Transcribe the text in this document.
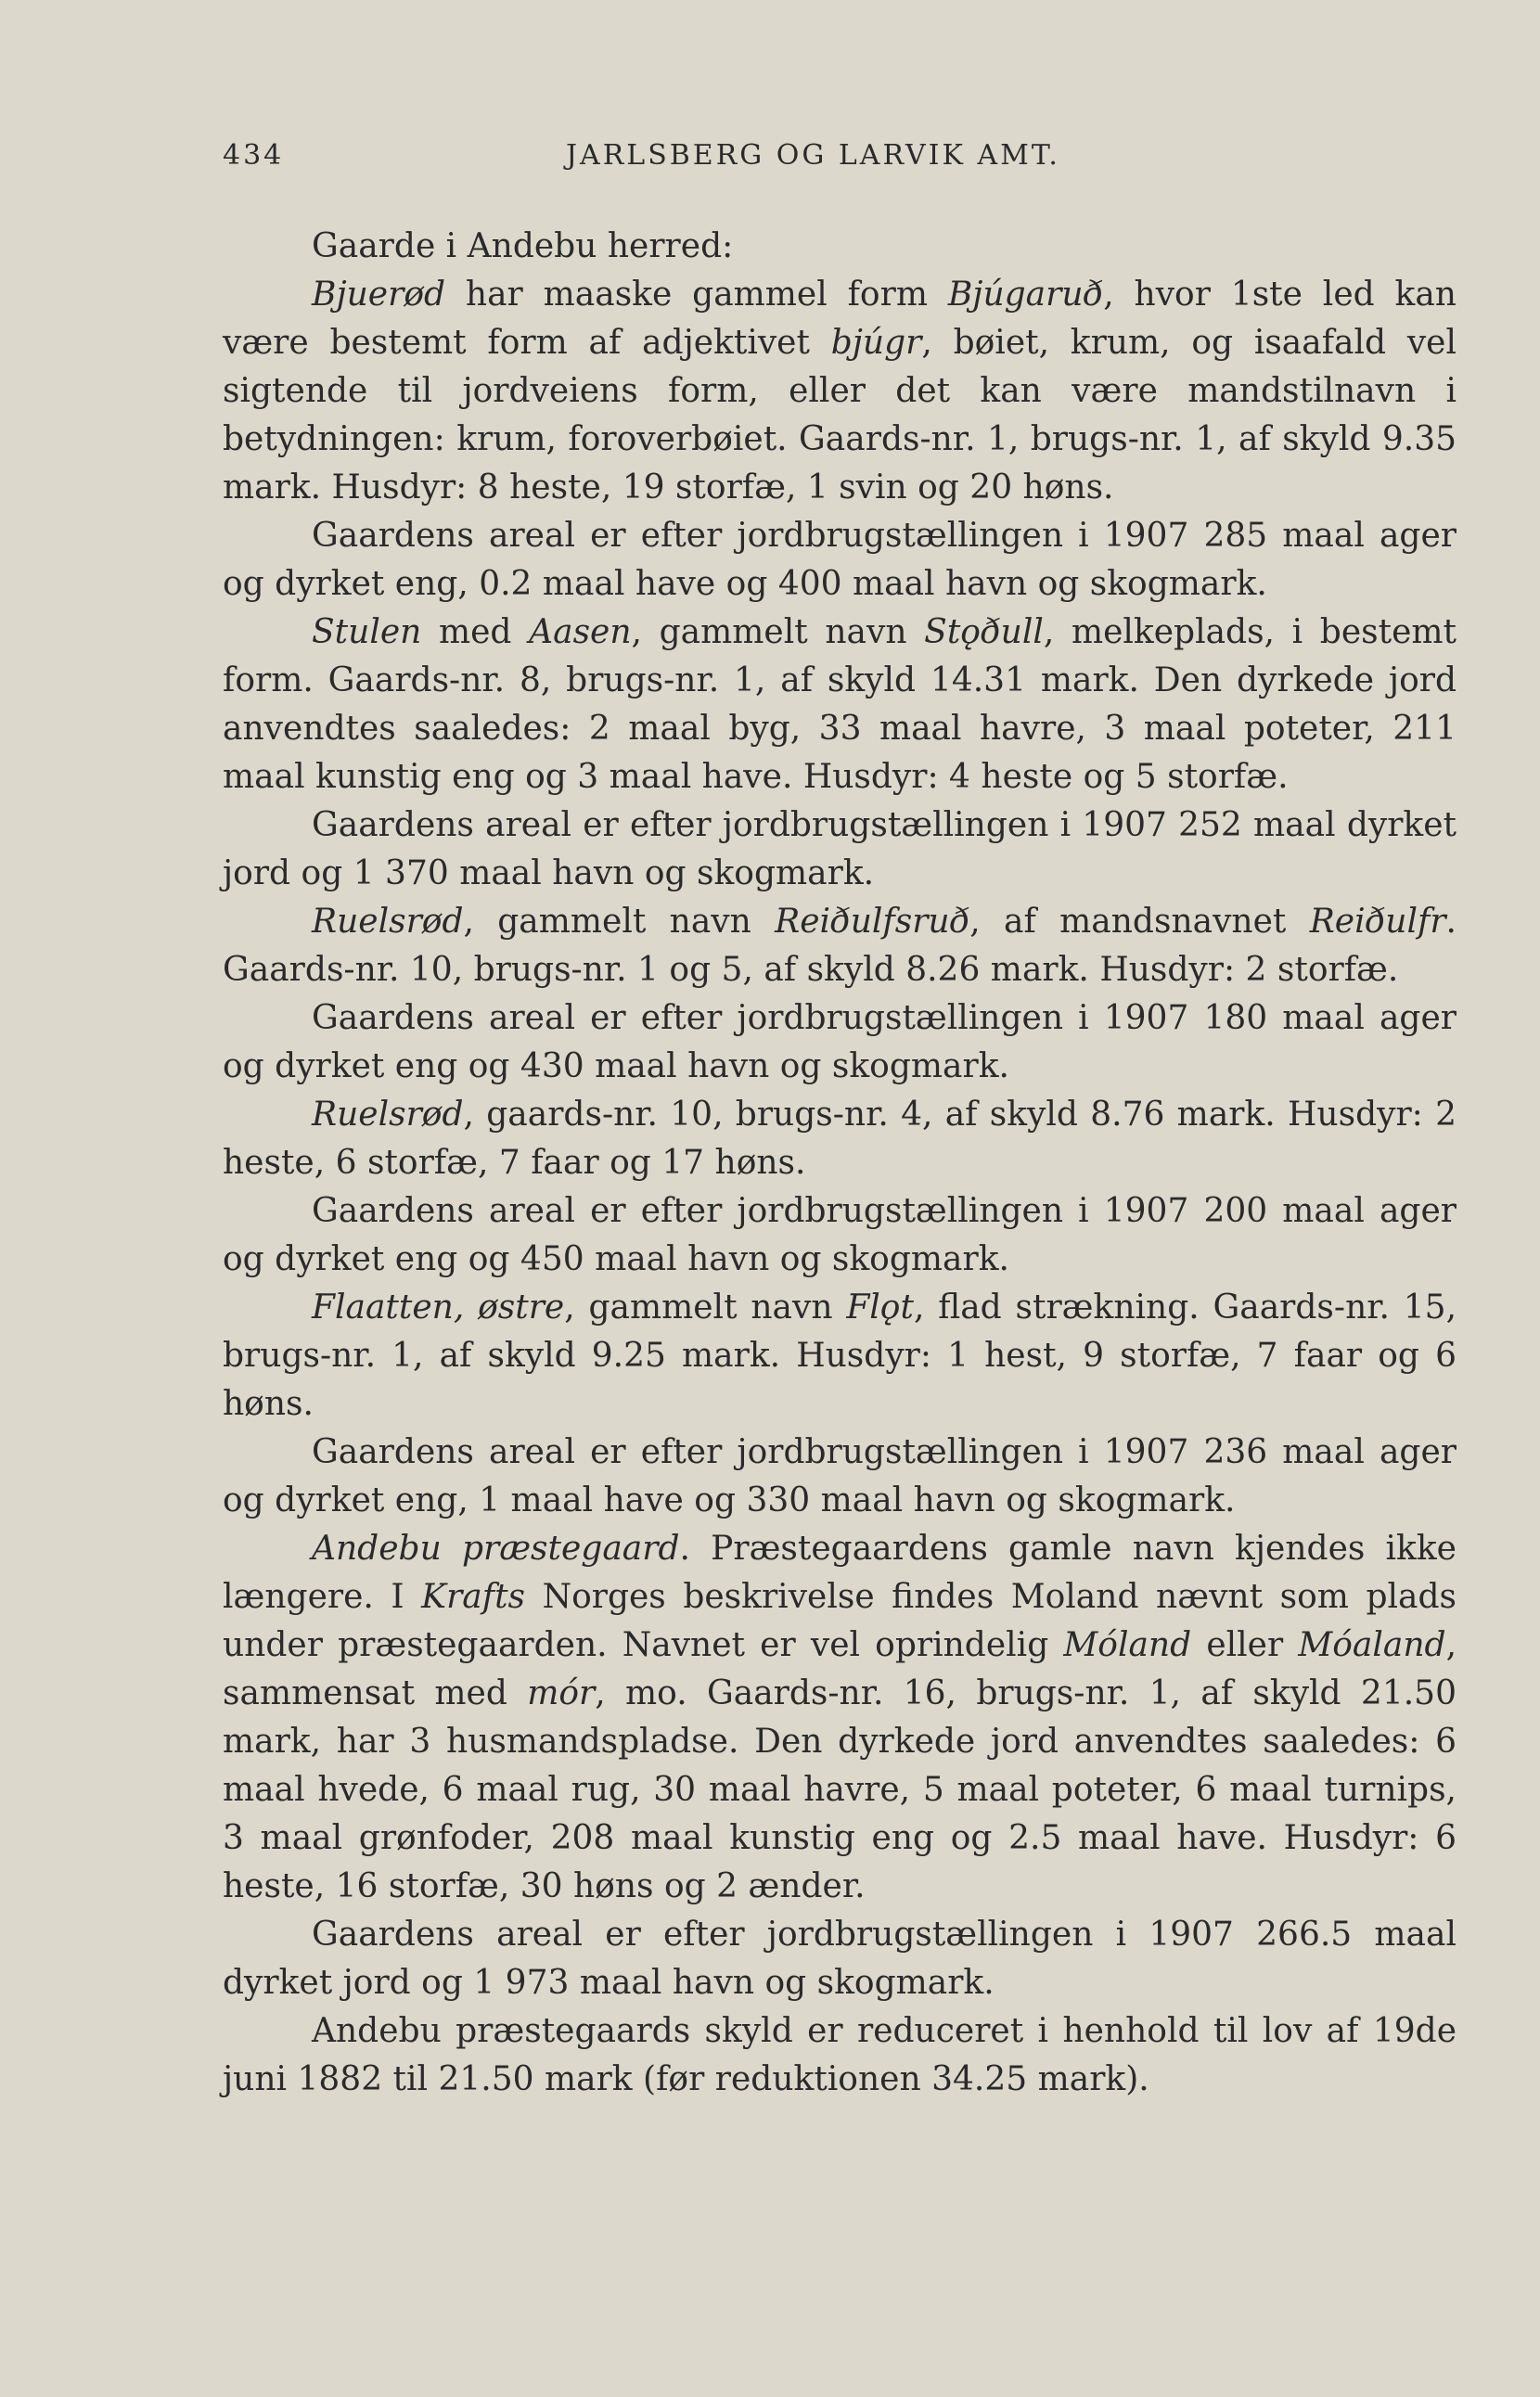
434	JARLSBERG OG LARVIK AMT.

Gaarde i Andebu herred:

Bjuerød har maaske gammel form Bjúgaruð, hvor 1ste led kan være bestemt form af adjektivet bjúgr, bøiet, krum, og isaafald vel sigtende til jordveiens form, eller det kan være mandstilnavn i betydningen: krum, foroverbøiet. Gaards-nr. 1, brugs-nr. 1, af skyld 9.35 mark. Husdyr: 8 heste, 19 storfæ, 1 svin og 20 høns.

Gaardens areal er efter jordbrugstællingen i 1907 285 maal ager og dyrket eng, 0.2 maal have og 400 maal havn og skogmark.

Stulen med Aasen, gammelt navn Stǫðull, melkeplads, i bestemt form. Gaards-nr. 8, brugs-nr. 1, af skyld 14.31 mark. Den dyrkede jord anvendtes saaledes: 2 maal byg, 33 maal havre, 3 maal poteter, 211 maal kunstig eng og 3 maal have. Husdyr: 4 heste og 5 storfæ.

Gaardens areal er efter jordbrugstællingen i 1907 252 maal dyrket jord og 1 370 maal havn og skogmark.

Ruelsrød, gammelt navn Reiðulfsruð, af mandsnavnet Reiðulfr. Gaards-nr. 10, brugs-nr. 1 og 5, af skyld 8.26 mark. Husdyr: 2 storfæ.

Gaardens areal er efter jordbrugstællingen i 1907 180 maal ager og dyrket eng og 430 maal havn og skogmark.

Ruelsrød, gaards-nr. 10, brugs-nr. 4, af skyld 8.76 mark. Husdyr: 2 heste, 6 storfæ, 7 faar og 17 høns.

Gaardens areal er efter jordbrugstællingen i 1907 200 maal ager og dyrket eng og 450 maal havn og skogmark.

Flaatten, østre, gammelt navn Flǫt, flad strækning. Gaards-nr. 15, brugs-nr. 1, af skyld 9.25 mark. Husdyr: 1 hest, 9 storfæ, 7 faar og 6 høns.

Gaardens areal er efter jordbrugstællingen i 1907 236 maal ager og dyrket eng, 1 maal have og 330 maal havn og skogmark.

Andebu præstegaard. Præstegaardens gamle navn kjendes ikke længere. I Krafts Norges beskrivelse findes Moland nævnt som plads under præstegaarden. Navnet er vel oprindelig Móland eller Móaland, sammensat med mór, mo. Gaards-nr. 16, brugs-nr. 1, af skyld 21.50 mark, har 3 husmandspladse. Den dyrkede jord anvendtes saaledes: 6 maal hvede, 6 maal rug, 30 maal havre, 5 maal poteter, 6 maal turnips, 3 maal grønfoder, 208 maal kunstig eng og 2.5 maal have. Husdyr: 6 heste, 16 storfæ, 30 høns og 2 ænder.

Gaardens areal er efter jordbrugstællingen i 1907 266.5 maal dyrket jord og 1 973 maal havn og skogmark.

Andebu præstegaards skyld er reduceret i henhold til lov af 19de juni 1882 til 21.50 mark (før reduktionen 34.25 mark).
